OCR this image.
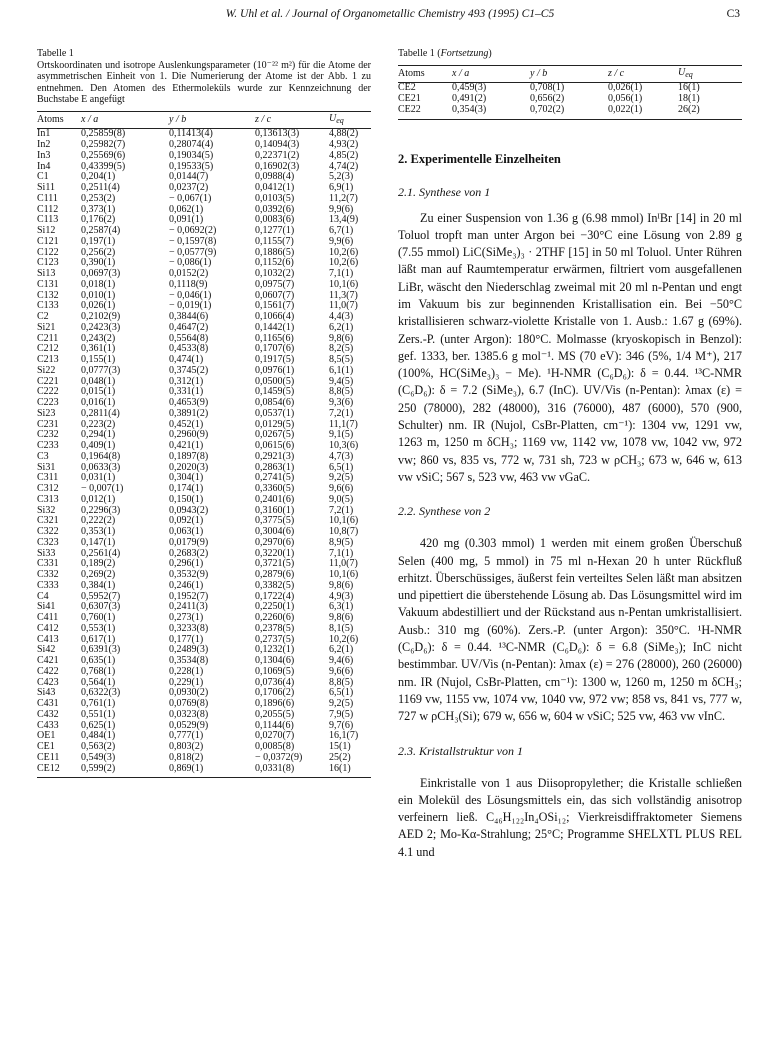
W. Uhl et al. / Journal of Organometallic Chemistry 493 (1995) C1–C5	C3
Tabelle 1
Ortskoordinaten und isotrope Auslenkungsparameter (10⁻²² m²) für die Atome der asymmetrischen Einheit von 1. Die Numerierung der Atome ist der Abb. 1 zu entnehmen. Den Atomen des Ethermoleküls wurde zur Kennzeichnung der Buchstabe E angefügt
Atoms	x / a	y / b	z / c	$U_{eq}$

In1	0,25859(8)	0,11413(4)	0,13613(3)	4,88(2)
In2	0,25982(7)	0,28074(4)	0,14094(3)	4,93(2)
In3	0,25569(6)	0,19034(5)	0,22371(2)	4,85(2)
In4	0,43399(5)	0,19533(5)	0,16902(3)	4,74(2)
C1	0,204(1)	0,0144(7)	0,0988(4)	5,2(3)
Si11	0,2511(4)	0,0237(2)	0,0412(1)	6,9(1)
C111	0,253(2)	− 0,067(1)	0,0103(5)	11,2(7)
C112	0,373(1)	0,062(1)	0,0392(6)	9,9(6)
C113	0,176(2)	0,091(1)	0,0083(6)	13,4(9)
Si12	0,2587(4)	− 0,0692(2)	0,1277(1)	6,7(1)
C121	0,197(1)	− 0,1597(8)	0,1155(7)	9,9(6)
C122	0,256(2)	− 0,0577(9)	0,1886(5)	10,2(6)
C123	0,390(1)	− 0,086(1)	0,1152(6)	10,2(6)
Si13	0,0697(3)	0,0152(2)	0,1032(2)	7,1(1)
C131	0,018(1)	0,1118(9)	0,0975(7)	10,1(6)
C132	0,010(1)	− 0,046(1)	0,0607(7)	11,3(7)
C133	0,026(1)	− 0,019(1)	0,1561(7)	11,0(7)
C2	0,2102(9)	0,3844(6)	0,1066(4)	4,4(3)
Si21	0,2423(3)	0,4647(2)	0,1442(1)	6,2(1)
C211	0,243(2)	0,5564(8)	0,1165(6)	9,8(6)
C212	0,361(1)	0,4533(8)	0,1707(6)	8,2(5)
C213	0,155(1)	0,474(1)	0,1917(5)	8,5(5)
Si22	0,0777(3)	0,3745(2)	0,0976(1)	6,1(1)
C221	0,048(1)	0,312(1)	0,0500(5)	9,4(5)
C222	0,015(1)	0,331(1)	0,1459(5)	8,8(5)
C223	0,016(1)	0,4653(9)	0,0854(6)	9,3(6)
Si23	0,2811(4)	0,3891(2)	0,0537(1)	7,2(1)
C231	0,223(2)	0,452(1)	0,0129(5)	11,1(7)
C232	0,294(1)	0,2960(9)	0,0267(5)	9,1(5)
C233	0,409(1)	0,421(1)	0,0615(6)	10,3(6)
C3	0,1964(8)	0,1897(8)	0,2921(3)	4,7(3)
Si31	0,0633(3)	0,2020(3)	0,2863(1)	6,5(1)
C311	0,031(1)	0,304(1)	0,2741(5)	9,2(5)
C312	− 0,007(1)	0,174(1)	0,3360(5)	9,6(6)
C313	0,012(1)	0,150(1)	0,2401(6)	9,0(5)
Si32	0,2296(3)	0,0943(2)	0,3160(1)	7,2(1)
C321	0,222(2)	0,092(1)	0,3775(5)	10,1(6)
C322	0,353(1)	0,063(1)	0,3004(6)	10,8(7)
C323	0,147(1)	0,0179(9)	0,2970(6)	8,9(5)
Si33	0,2561(4)	0,2683(2)	0,3220(1)	7,1(1)
C331	0,189(2)	0,296(1)	0,3721(5)	11,0(7)
C332	0,269(2)	0,3532(9)	0,2879(6)	10,1(6)
C333	0,384(1)	0,246(1)	0,3382(5)	9,8(6)
C4	0,5952(7)	0,1952(7)	0,1722(4)	4,9(3)
Si41	0,6307(3)	0,2411(3)	0,2250(1)	6,3(1)
C411	0,760(1)	0,273(1)	0,2260(6)	9,8(6)
C412	0,553(1)	0,3233(8)	0,2378(5)	8,1(5)
C413	0,617(1)	0,177(1)	0,2737(5)	10,2(6)
Si42	0,6391(3)	0,2489(3)	0,1232(1)	6,2(1)
C421	0,635(1)	0,3534(8)	0,1304(6)	9,4(6)
C422	0,768(1)	0,228(1)	0,1069(5)	9,6(6)
C423	0,564(1)	0,229(1)	0,0736(4)	8,8(5)
Si43	0,6322(3)	0,0930(2)	0,1706(2)	6,5(1)
C431	0,761(1)	0,0769(8)	0,1896(6)	9,2(5)
C432	0,551(1)	0,0323(8)	0,2055(5)	7,9(5)
C433	0,625(1)	0,0529(9)	0,1144(6)	9,7(6)
OE1	0,484(1)	0,777(1)	0,0270(7)	16,1(7)
CE1	0,563(2)	0,803(2)	0,0085(8)	15(1)
CE11	0,549(3)	0,818(2)	− 0,0372(9)	25(2)
CE12	0,599(2)	0,869(1)	0,0331(8)	16(1)
Tabelle 1 (Fortsetzung)
Atoms	x / a	y / b	z / c	$U_{eq}$

CE2	0,459(3)	0,708(1)	0,026(1)	16(1)
CE21	0,491(2)	0,656(2)	0,056(1)	18(1)
CE22	0,354(3)	0,702(2)	0,022(1)	26(2)
2. Experimentelle Einzelheiten
2.1. Synthese von 1

Zu einer Suspension von 1.36 g (6.98 mmol) InᴵBr [14] in 20 ml Toluol tropft man unter Argon bei −30°C eine Lösung von 2.89 g (7.55 mmol) LiC(SiMe₃)₃ · 2THF [15] in 50 ml Toluol. Unter Rühren läßt man auf Raumtemperatur erwärmen, filtriert vom ausgefallenen LiBr, wäscht den Niederschlag zweimal mit 20 ml n-Pentan und engt im Vakuum bis zur beginnenden Kristallisation ein. Bei −50°C kristallisieren schwarz-violette Kristalle von 1. Ausb.: 1.67 g (69%). Zers.-P. (unter Argon): 180°C. Molmasse (kryoskopisch in Benzol): gef. 1333, ber. 1385.6 g mol⁻¹. MS (70 eV): 346 (5%, 1/4 M⁺), 217 (100%, HC(SiMe₃)₃ − Me). ¹H-NMR (C₆D₆): δ = 0.44. ¹³C-NMR (C₆D₆): δ = 7.2 (SiMe₃), 6.7 (InC). UV/Vis (n-Pentan): λmax (ε) = 250 (78000), 282 (48000), 316 (76000), 487 (6000), 570 (900, Schulter) nm. IR (Nujol, CsBr-Platten, cm⁻¹): 1304 vw, 1291 vw, 1263 m, 1250 m δCH₃; 1169 vw, 1142 vw, 1078 vw, 1042 vw, 972 vw; 860 vs, 835 vs, 772 w, 731 sh, 723 w ρCH₃; 673 w, 646 w, 613 vw νSiC; 567 s, 523 vw, 463 vw νGaC.

2.2. Synthese von 2

420 mg (0.303 mmol) 1 werden mit einem großen Überschuß Selen (400 mg, 5 mmol) in 75 ml n-Hexan 20 h unter Rückfluß erhitzt. Überschüssiges, äußerst fein verteiltes Selen läßt man absitzen und pipettiert die überstehende Lösung ab. Das Lösungsmittel wird im Vakuum abdestilliert und der Rückstand aus n-Pentan umkristallisiert. Ausb.: 310 mg (60%). Zers.-P. (unter Argon): 350°C. ¹H-NMR (C₆D₆): δ = 0.44. ¹³C-NMR (C₆D₆): δ = 6.8 (SiMe₃); InC nicht bestimmbar. UV/Vis (n-Pentan): λmax (ε) = 276 (28000), 260 (26000) nm. IR (Nujol, CsBr-Platten, cm⁻¹): 1300 w, 1260 m, 1250 m δCH₃; 1169 vw, 1155 vw, 1074 vw, 1040 vw, 972 vw; 858 vs, 841 vs, 777 w, 727 w ρCH₃(Si); 679 w, 656 w, 604 w νSiC; 525 vw, 463 vw νInC.

2.3. Kristallstruktur von 1

Einkristalle von 1 aus Diisopropylether; die Kristalle schließen ein Molekül des Lösungsmittels ein, das sich vollständig anisotrop verfeinern ließ. C₄₆H₁₂₂In₄OSi₁₂; Vierkreisdiffraktometer Siemens AED 2; Mo-Kα-Strahlung; 25°C; Programme SHELXTL PLUS REL 4.1 und
